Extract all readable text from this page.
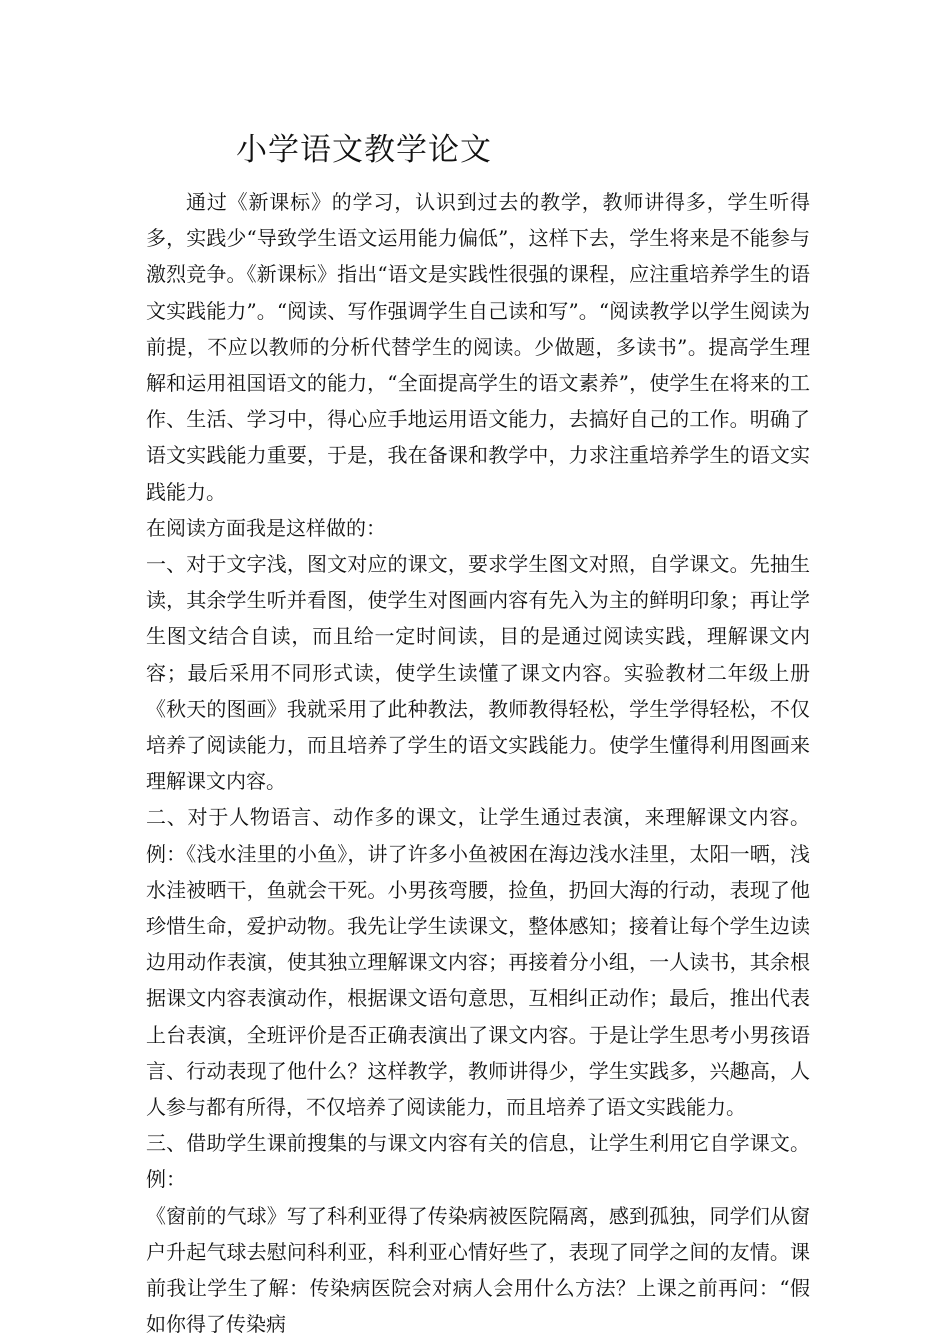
小学语文教学论文

通过《新课标》的学习，认识到过去的教学，教师讲得多，学生听得多，实践少“导致学生语文运用能力偏低”，这样下去，学生将来是不能参与激烈竞争。《新课标》指出“语文是实践性很强的课程，应注重培养学生的语文实践能力”。“阅读、写作强调学生自己读和写”。“阅读教学以学生阅读为前提，不应以教师的分析代替学生的阅读。少做题，多读书”。提高学生理解和运用祖国语文的能力，“全面提高学生的语文素养”，使学生在将来的工作、生活、学习中，得心应手地运用语文能力，去搞好自己的工作。明确了语文实践能力重要，于是，我在备课和教学中，力求注重培养学生的语文实践能力。

在阅读方面我是这样做的：

一、对于文字浅，图文对应的课文，要求学生图文对照，自学课文。先抽生读，其余学生听并看图，使学生对图画内容有先入为主的鲜明印象；再让学生图文结合自读，而且给一定时间读，目的是通过阅读实践，理解课文内容；最后采用不同形式读，使学生读懂了课文内容。实验教材二年级上册《秋天的图画》我就采用了此种教法，教师教得轻松，学生学得轻松，不仅培养了阅读能力，而且培养了学生的语文实践能力。使学生懂得利用图画来理解课文内容。

二、对于人物语言、动作多的课文，让学生通过表演，来理解课文内容。例：《浅水洼里的小鱼》，讲了许多小鱼被困在海边浅水洼里，太阳一晒，浅水洼被晒干，鱼就会干死。小男孩弯腰，捡鱼，扔回大海的行动，表现了他珍惜生命，爱护动物。我先让学生读课文，整体感知；接着让每个学生边读边用动作表演，使其独立理解课文内容；再接着分小组，一人读书，其余根据课文内容表演动作，根据课文语句意思，互相纠正动作；最后，推出代表上台表演，全班评价是否正确表演出了课文内容。于是让学生思考小男孩语言、行动表现了他什么？这样教学，教师讲得少，学生实践多，兴趣高，人人参与都有所得，不仅培养了阅读能力，而且培养了语文实践能力。

三、借助学生课前搜集的与课文内容有关的信息，让学生利用它自学课文。例：

《窗前的气球》写了科利亚得了传染病被医院隔离，感到孤独，同学们从窗户升起气球去慰问科利亚，科利亚心情好些了，表现了同学之间的友情。课前我让学生了解：传染病医院会对病人会用什么方法？上课之前再问：“假如你得了传染病
